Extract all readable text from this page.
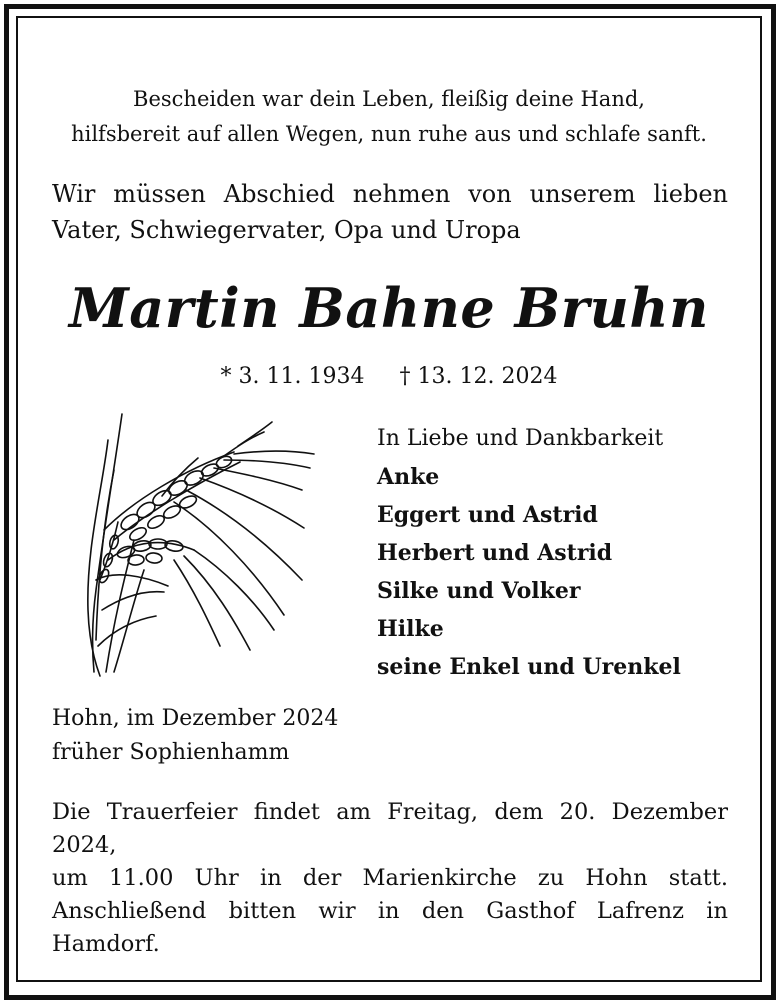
Bescheiden war dein Leben, fleißig deine Hand,
hilfsbereit auf allen Wegen, nun ruhe aus und schlafe sanft.
Wir müssen Abschied nehmen von unserem lieben
Vater, Schwiegervater, Opa und Uropa
Martin Bahne Bruhn
* 3. 11. 1934 † 13. 12. 2024
In Liebe und Dankbarkeit
Anke
Eggert und Astrid
Herbert und Astrid
Silke und Volker
Hilke
seine Enkel und Urenkel
Hohn, im Dezember 2024
früher Sophienhamm
Die Trauerfeier findet am Freitag, dem 20. Dezember 2024,
um 11.00 Uhr in der Marienkirche zu Hohn statt.
Anschließend bitten wir in den Gasthof Lafrenz in
Hamdorf.
